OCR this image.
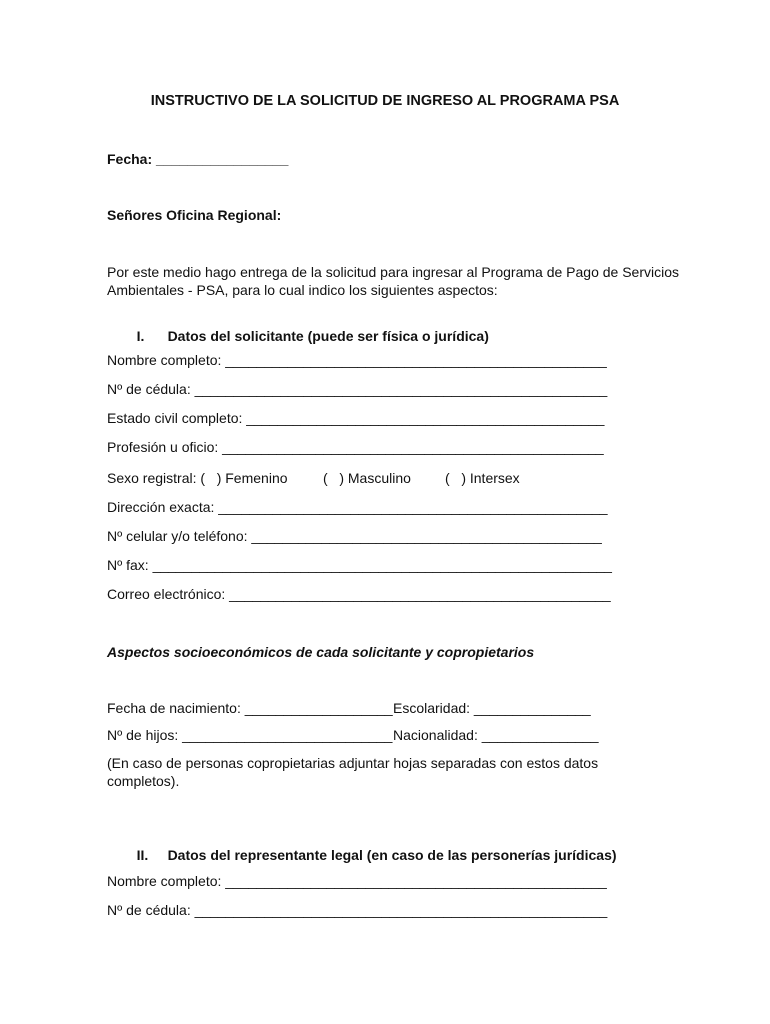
INSTRUCTIVO DE LA SOLICITUD DE INGRESO AL PROGRAMA PSA
Fecha: _________________
Señores Oficina Regional:
Por este medio hago entrega de la solicitud para ingresar al Programa de Pago de Servicios
Ambientales - PSA, para lo cual indico los siguientes aspectos:

I. Datos del solicitante (puede ser física o jurídica)

Nombre completo: _________________________________________________
Nº de cédula: _____________________________________________________
Estado civil completo: ______________________________________________
Profesión u oficio: _________________________________________________
Sexo registral: (   ) Femenino	(   ) Masculino (   ) Intersex
Dirección exacta: __________________________________________________
Nº celular y/o teléfono: _____________________________________________
Nº fax: ___________________________________________________________
Correo electrónico: _________________________________________________
Aspectos socioeconómicos de cada solicitante y copropietarios
Fecha de nacimiento: ___________________ Escolaridad: _______________
Nº de hijos: ___________________________ Nacionalidad: _______________
(En caso de personas copropietarias adjuntar hojas separadas con estos datos
completos).

II. Datos del representante legal (en caso de las personerías jurídicas)

Nombre completo: _________________________________________________
Nº de cédula: _____________________________________________________
